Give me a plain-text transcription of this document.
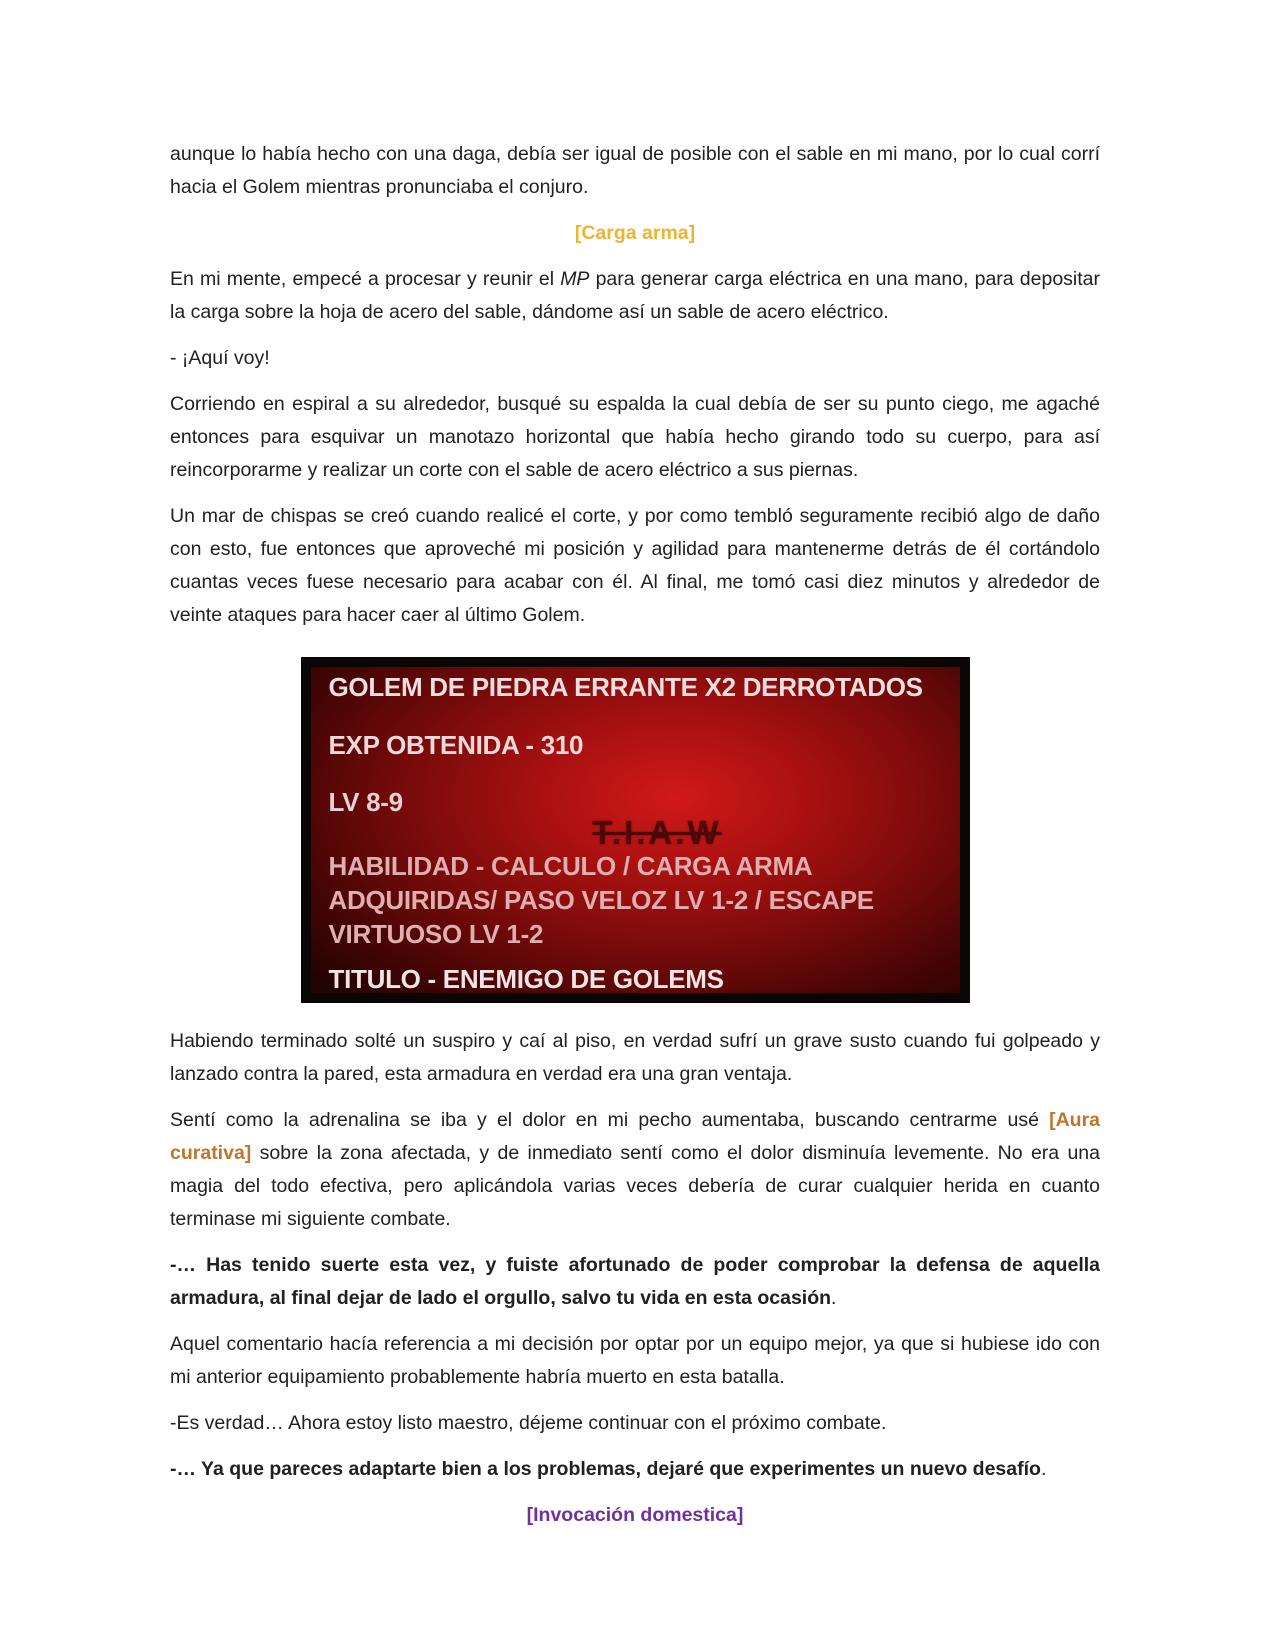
aunque lo había hecho con una daga, debía ser igual de posible con el sable en mi mano, por lo cual corrí hacia el Golem mientras pronunciaba el conjuro.

[Carga arma]

En mi mente, empecé a procesar y reunir el MP para generar carga eléctrica en una mano, para depositar la carga sobre la hoja de acero del sable, dándome así un sable de acero eléctrico.

- ¡Aquí voy!

Corriendo en espiral a su alrededor, busqué su espalda la cual debía de ser su punto ciego, me agaché entonces para esquivar un manotazo horizontal que había hecho girando todo su cuerpo, para así reincorporarme y realizar un corte con el sable de acero eléctrico a sus piernas.

Un mar de chispas se creó cuando realicé el corte, y por como tembló seguramente recibió algo de daño con esto, fue entonces que aproveché mi posición y agilidad para mantenerme detrás de él cortándolo cuantas veces fuese necesario para acabar con él. Al final, me tomó casi diez minutos y alrededor de veinte ataques para hacer caer al último Golem.

GOLEM DE PIEDRA ERRANTE X2 DERROTADOS
EXP OBTENIDA - 310
LV 8-9
T.I.A.W
HABILIDAD - CALCULO / CARGA ARMA
ADQUIRIDAS/ PASO VELOZ LV 1-2 / ESCAPE
VIRTUOSO LV 1-2
TITULO - ENEMIGO DE GOLEMS

Habiendo terminado solté un suspiro y caí al piso, en verdad sufrí un grave susto cuando fui golpeado y lanzado contra la pared, esta armadura en verdad era una gran ventaja.

Sentí como la adrenalina se iba y el dolor en mi pecho aumentaba, buscando centrarme usé [Aura curativa] sobre la zona afectada, y de inmediato sentí como el dolor disminuía levemente. No era una magia del todo efectiva, pero aplicándola varias veces debería de curar cualquier herida en cuanto terminase mi siguiente combate.

-… Has tenido suerte esta vez, y fuiste afortunado de poder comprobar la defensa de aquella armadura, al final dejar de lado el orgullo, salvo tu vida en esta ocasión.

Aquel comentario hacía referencia a mi decisión por optar por un equipo mejor, ya que si hubiese ido con mi anterior equipamiento probablemente habría muerto en esta batalla.

-Es verdad… Ahora estoy listo maestro, déjeme continuar con el próximo combate.

-… Ya que pareces adaptarte bien a los problemas, dejaré que experimentes un nuevo desafío.

[Invocación domestica]
